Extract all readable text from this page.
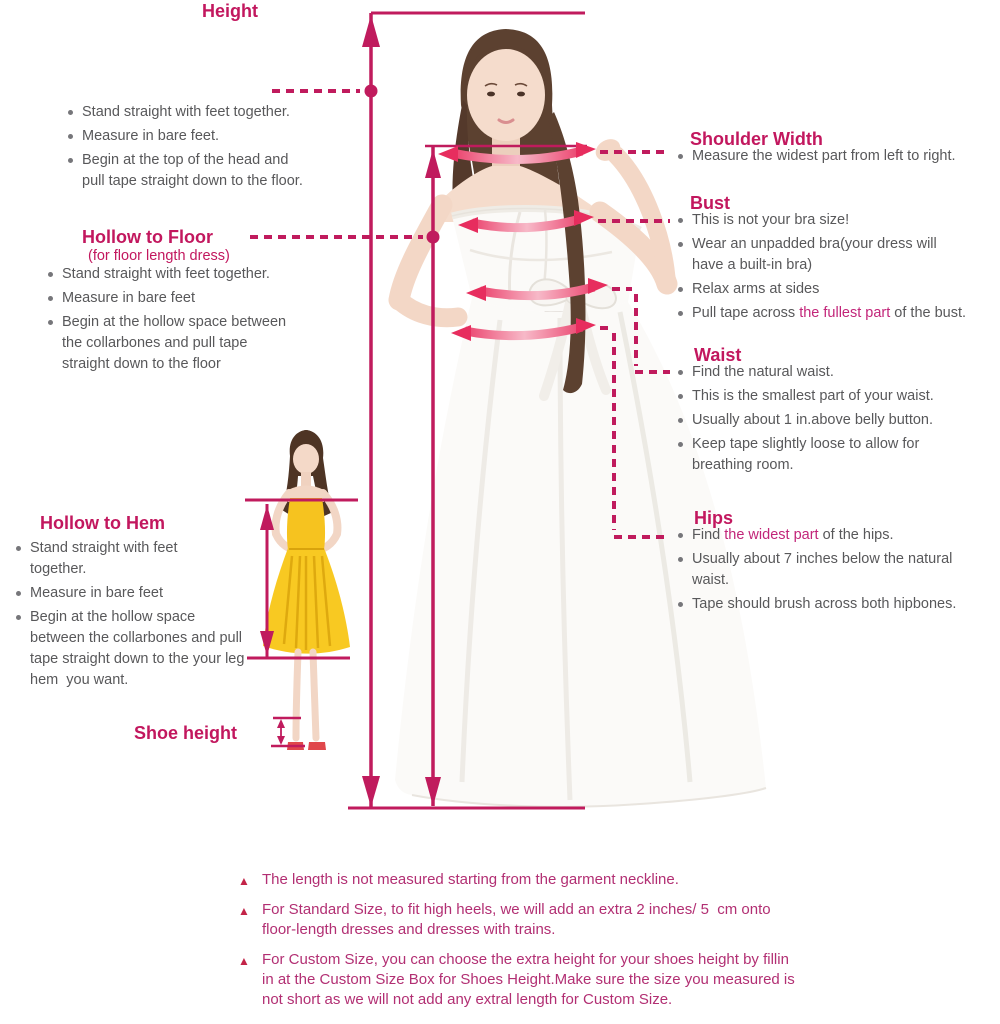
Height
Stand straight with feet together.
Measure in bare feet.
Begin at the top of the head and
pull tape straight down to the floor.
Hollow to Floor
(for floor length dress)
Stand straight with feet together.
Measure in bare feet
Begin at the hollow space between
the collarbones and pull tape
straight down to the floor
Hollow to Hem
Stand straight with feet
together.
Measure in bare feet
Begin at the hollow space
between the collarbones and pull
tape straight down to the your leg
hem  you want.
Shoe height
Shoulder Width
Measure the widest part from left to right.
Bust
This is not your bra size!
Wear an unpadded bra(your dress will
have a built-in bra)
Relax arms at sides
Pull tape across the fullest part of the bust.
Waist
Find the natural waist.
This is the smallest part of your waist.
Usually about 1 in.above belly button.
Keep tape slightly loose to allow for
breathing room.
Hips
Find the widest part of the hips.
Usually about 7 inches below the natural
waist.
Tape should brush across both hipbones.
▲ The length is not measured starting from the garment neckline.
▲ For Standard Size, to fit high heels, we will add an extra 2 inches/ 5  cm onto
floor-length dresses and dresses with trains.
▲ For Custom Size, you can choose the extra height for your shoes height by fillin
in at the Custom Size Box for Shoes Height.Make sure the size you measured is
not short as we will not add any extral length for Custom Size.
